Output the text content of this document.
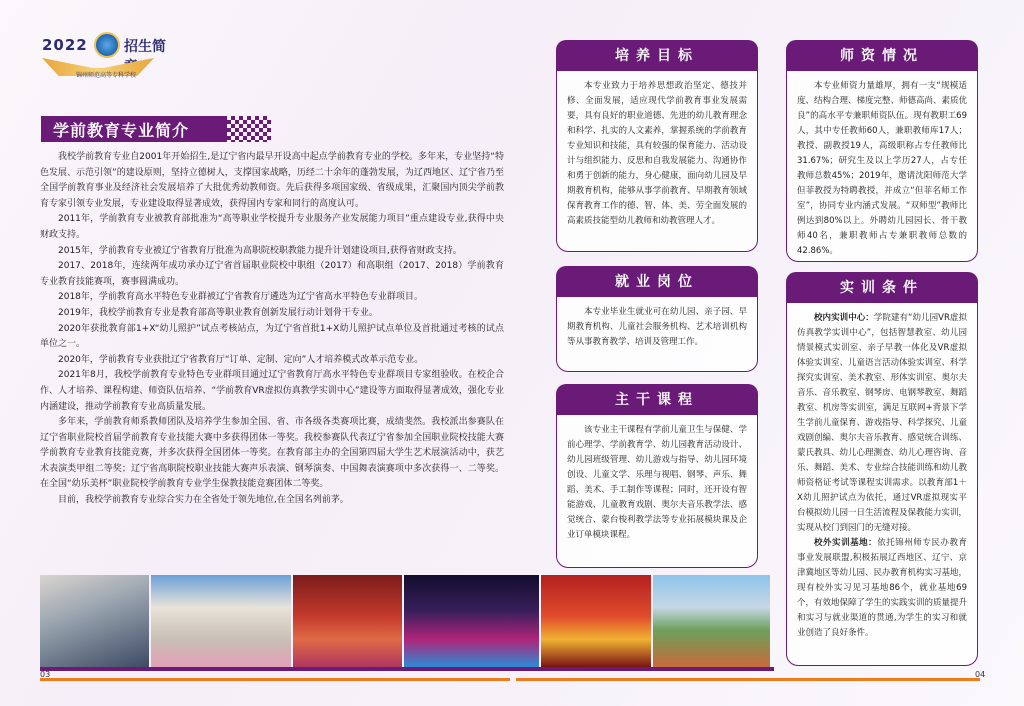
2022	招生简
锦州师范高等专科学校
学前教育专业简介

我校学前教育专业自2001年开始招生,是辽宁省内最早开设高中起点学前教育专业的学校。多年来，专业坚持“特色发展、示范引领”的建设原则，坚持立德树人，支撑国家战略，历经二十余年的蓬勃发展，为辽西地区、辽宁省乃至全国学前教育事业及经济社会发展培养了大批优秀幼教师资。先后获得多项国家级、省级成果，汇聚国内顶尖学前教育专家引领专业发展，专业建设取得显著成效，获得国内专家和同行的高度认可。

2011年，学前教育专业被教育部批准为“高等职业学校提升专业服务产业发展能力项目”重点建设专业,获得中央财政支持。

2015年，学前教育专业被辽宁省教育厅批准为高职院校职教能力提升计划建设项目,获得省财政支持。

2017、2018年，连续两年成功承办辽宁省首届职业院校中职组（2017）和高职组（2017、2018）学前教育专业教育技能赛项，赛事圆满成功。

2018年，学前教育高水平特色专业群被辽宁省教育厅遴选为辽宁省高水平特色专业群项目。

2019年，我校学前教育专业是教育部高等职业教育创新发展行动计划骨干专业。

2020年获批教育部1+X“幼儿照护”试点考核站点，为辽宁省首批1+X幼儿照护试点单位及首批通过考核的试点单位之一。

2020年，学前教育专业获批辽宁省教育厅“订单、定制、定向”人才培养模式改革示范专业。

2021年8月，我校学前教育专业特色专业群项目通过辽宁省教育厅高水平特色专业群项目专家组验收。在校企合作、人才培养、课程构建、师资队伍培养、“学前教育VR虚拟仿真教学实训中心”建设等方面取得显著成效，强化专业内涵建设，推动学前教育专业高质量发展。

多年来，学前教育师系教师团队及培养学生参加全国、省、市各级各类赛项比赛，成绩斐然。我校派出参赛队在辽宁省职业院校首届学前教育专业技能大赛中多获得团体一等奖。我校参赛队代表辽宁省参加全国职业院校技能大赛学前教育专业教育技能竞赛，并多次获得全国团体一等奖。在教育部主办的全国第四届大学生艺术展演活动中，获艺术表演类甲组二等奖；辽宁省高职院校职业技能大赛声乐表演、钢琴演奏、中国舞表演赛项中多次获得一、二等奖。在全国“幼乐美杯”职业院校学前教育专业学生保教技能竞赛团体二等奖。

目前，我校学前教育专业综合实力在全省处于领先地位,在全国名列前茅。

03	04
培养目标

本专业致力于培养思想政治坚定、德技并修、全面发展，适应现代学前教育事业发展需要，具有良好的职业道德、先进的幼儿教育理念和科学、扎实的人文素养，掌握系统的学前教育专业知识和技能，具有较强的保育能力、活动设计与组织能力、反思和自我发展能力、沟通协作和勇于创新的能力，身心健康，面向幼儿园及早期教育机构，能够从事学前教育、早期教育领域保育教育工作的德、智、体、美、劳全面发展的高素质技能型幼儿教师和幼教管理人才。

就业岗位

本专业毕业生就业可在幼儿园、亲子园、早期教育机构、儿童社会服务机构、艺术培训机构等从事教育教学、培训及管理工作。

主干课程

该专业主干课程有学前儿童卫生与保健、学前心理学、学前教育学、幼儿园教育活动设计、幼儿园班级管理、幼儿游戏与指导、幼儿园环境创设、儿童文学、乐理与视唱、钢琴、声乐、舞蹈、美术、手工制作等课程；同时，还开设有智能游戏、儿童教育戏剧、奥尔夫音乐教学法、感觉统合、蒙台梭利教学法等专业拓展模块课及企业订单模块课程。

师资情况

本专业师资力量雄厚，拥有一支“规模适度、结构合理、梯度完整、师德高尚、素质优良”的高水平专兼职师资队伍。现有教职工69人，其中专任教师60人，兼职教师库17人；教授、副教授19人，高级职称占专任教师比31.67%；研究生及以上学历27人，占专任教师总数45%；2019年，邀请沈阳师范大学但菲教授为特聘教授，并成立“但菲名师工作室”，协同专业内涵式发展。“双师型”教师比例达到80%以上。外聘幼儿园园长、骨干教师40名，兼职教师占专兼职教师总数的42.86%。

实训条件

校内实训中心：学院建有“幼儿园VR虚拟仿真教学实训中心”，包括智慧教室、幼儿园情景模式实训室、亲子早教一体化及VR虚拟体验实训室、儿童语言活动体验实训室、科学探究实训室、美术教室、形体实训室、奥尔夫音乐、音乐教室、钢琴房、电钢琴教室、舞蹈教室、机房等实训室，满足互联网+背景下学生学前儿童保育、游戏指导、科学探究、儿童戏剧创编、奥尔夫音乐教育、感觉统合训练、蒙氏教具、幼儿心理测查、幼儿心理咨询、音乐、舞蹈、美术、专业综合技能训练和幼儿教师资格证考试等课程实训需求。以教育部1＋X幼儿照护试点为依托，通过VR虚拟现实平台模拟幼儿园一日生活流程及保教能力实训，实现从校门到园门的无缝对接。

校外实训基地：依托锦州师专民办教育事业发展联盟,积极拓展辽西地区、辽宁、京津冀地区等幼儿园、民办教育机构实习基地，现有校外实习见习基地86个，就业基地69个，有效地保障了学生的实践实训的质量提升和实习与就业渠道的贯通,为学生的实习和就业创造了良好条件。
